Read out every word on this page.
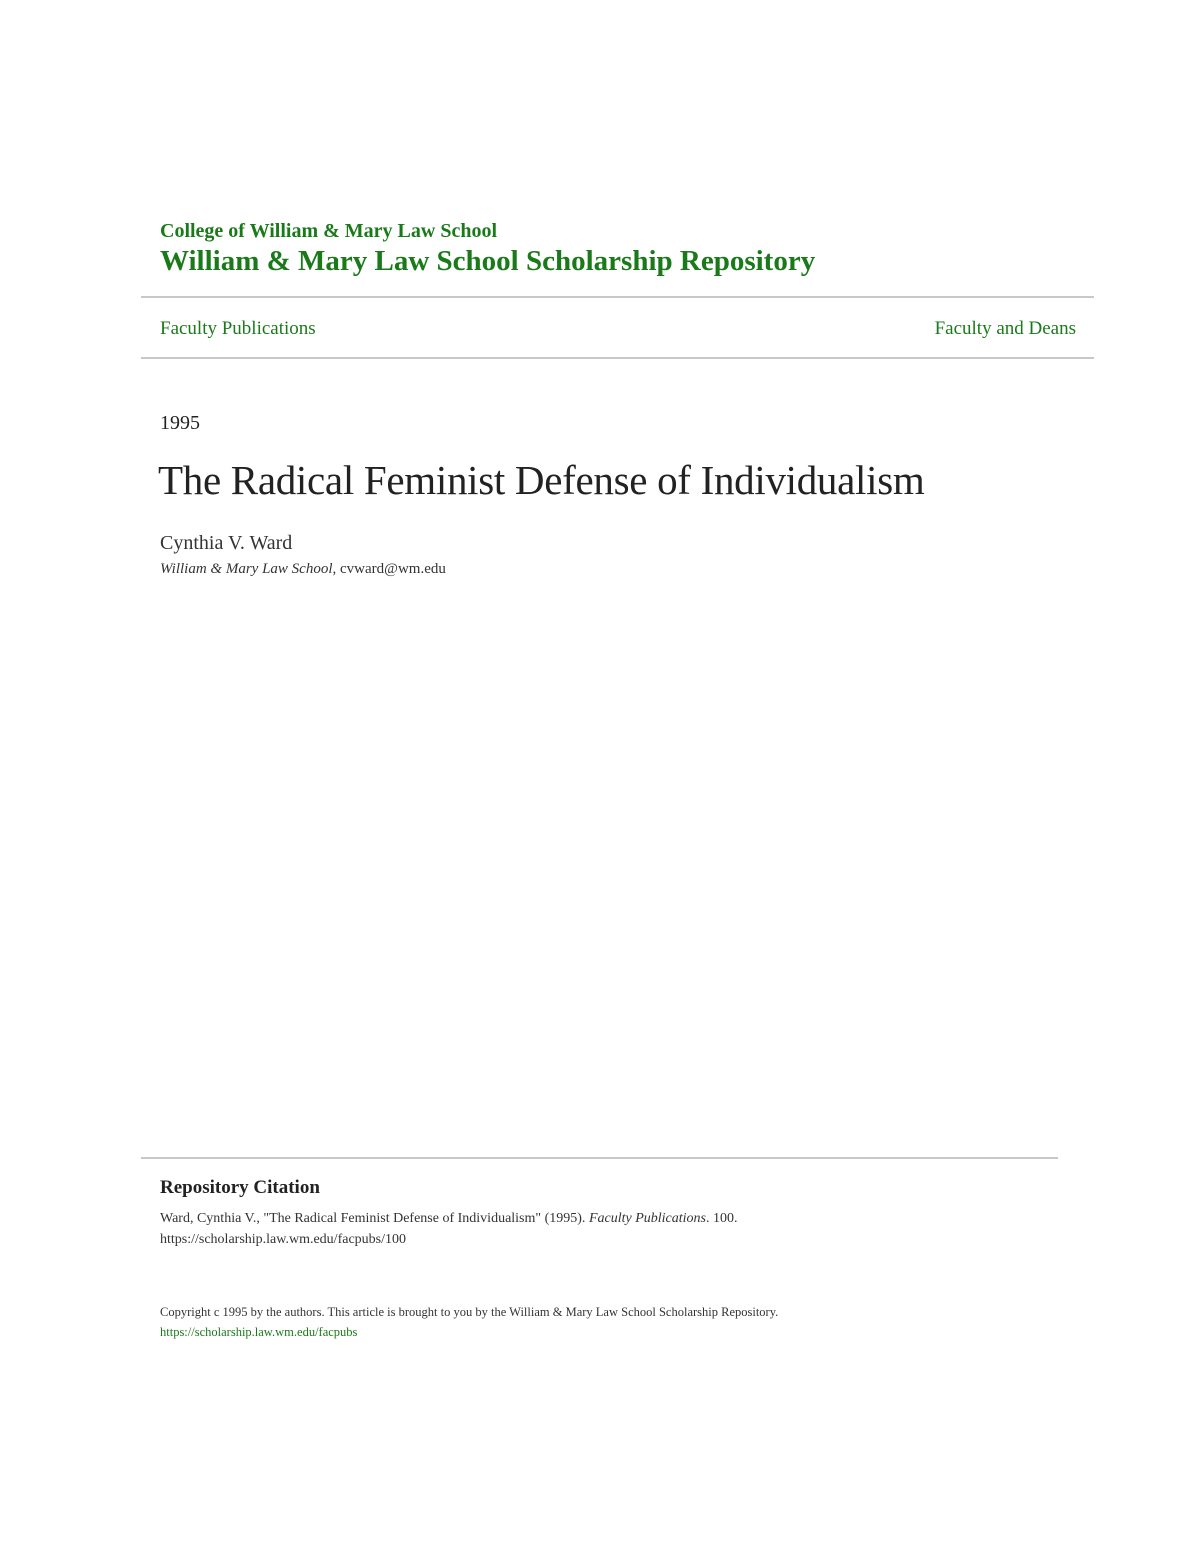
College of William & Mary Law School
William & Mary Law School Scholarship Repository
Faculty Publications	Faculty and Deans
1995
The Radical Feminist Defense of Individualism
Cynthia V. Ward
William & Mary Law School, cvward@wm.edu
Repository Citation
Ward, Cynthia V., "The Radical Feminist Defense of Individualism" (1995). Faculty Publications. 100.
https://scholarship.law.wm.edu/facpubs/100
Copyright c 1995 by the authors. This article is brought to you by the William & Mary Law School Scholarship Repository.
https://scholarship.law.wm.edu/facpubs
